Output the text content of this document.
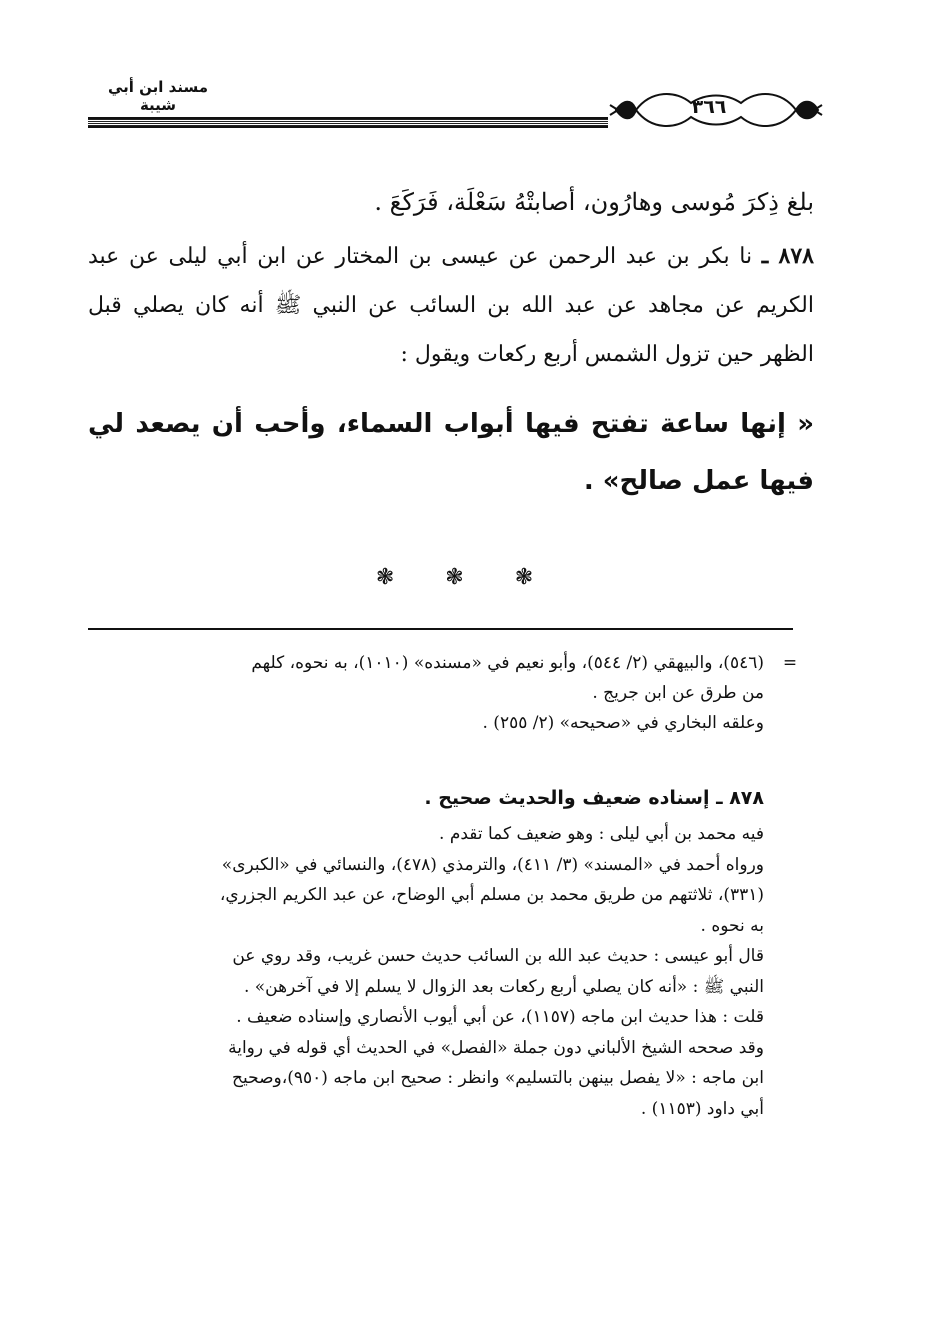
مسند ابن أبي شيبة	٣٦٦
بلغ ذِكرَ مُوسى وهارُون، أصابتْهُ سَعْلَة، فَرَكَعَ .
٨٧٨ ـ نا بكر بن عبد الرحمن عن عيسى بن المختار عن ابن أبي ليلى عن عبد الكريم عن مجاهد عن عبد الله بن السائب عن النبي ﷺ أنه كان يصلي قبل الظهر حين تزول الشمس أربع ركعات ويقول :
« إنها ساعة تفتح فيها أبواب السماء، وأحب أن يصعد لي فيها عمل صالح» .
❃ ❃ ❃
=
(٥٤٦)، والبيهقي (٢/ ٥٤٤)، وأبو نعيم في «مسنده» (١٠١٠)، به نحوه، كلهم
من طرق عن ابن جريج .
وعلقه البخاري في «صحيحه» (٢/ ٢٥٥) .
٨٧٨ ـ إسناده ضعيف والحديث صحيح .
فيه محمد بن أبي ليلى : وهو ضعيف كما تقدم .
ورواه أحمد في «المسند» (٣/ ٤١١)، والترمذي (٤٧٨)، والنسائي في «الكبرى»
(٣٣١)، ثلاثتهم من طريق محمد بن مسلم أبي الوضاح، عن عبد الكريم الجزري،
به نحوه .
قال أبو عيسى : حديث عبد الله بن السائب حديث حسن غريب، وقد روي عن
النبي ﷺ : «أنه كان يصلي أربع ركعات بعد الزوال لا يسلم إلا في آخرهن» .
قلت : هذا حديث ابن ماجه (١١٥٧)، عن أبي أيوب الأنصاري وإسناده ضعيف .
وقد صححه الشيخ الألباني دون جملة «الفصل» في الحديث أي قوله في رواية
ابن ماجه : «لا يفصل بينهن بالتسليم» وانظر : صحيح ابن ماجه (٩٥٠)،وصحيح
أبي داود (١١٥٣) .
